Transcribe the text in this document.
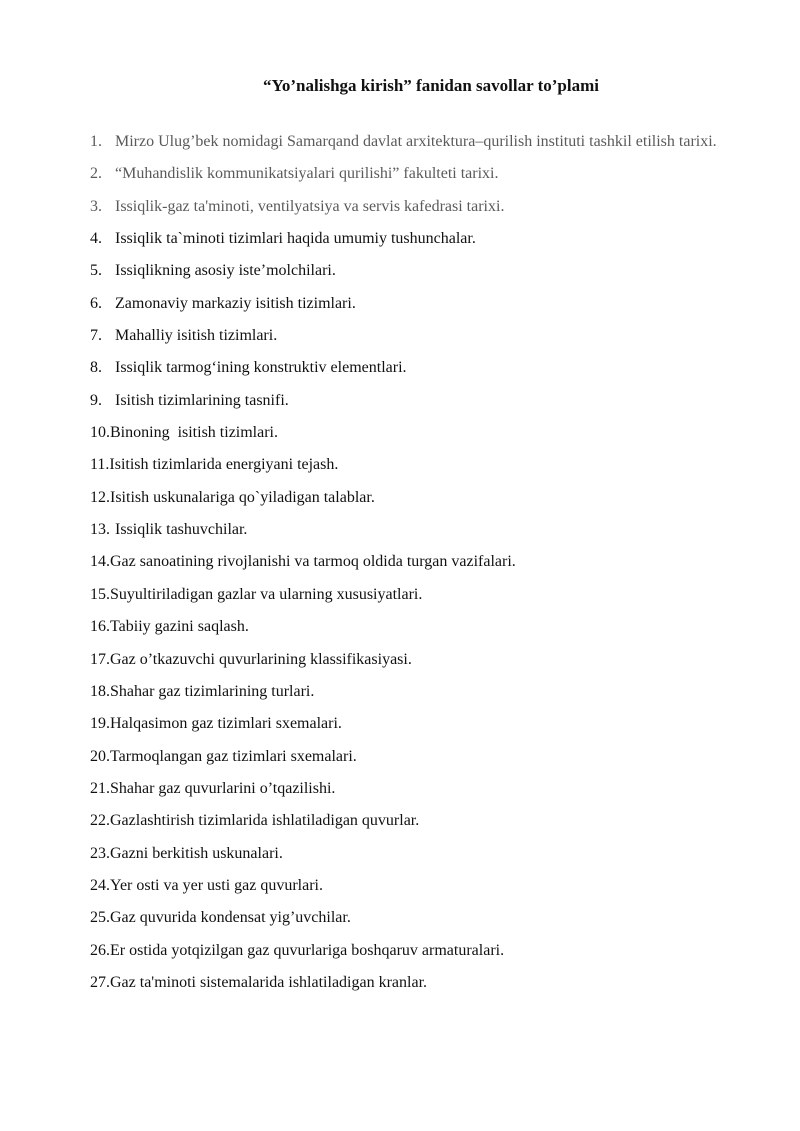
“Yo’nalishga kirish” fanidan savollar to’plami
1. Mirzo Ulug’bek nomidagi Samarqand davlat arxitektura–qurilish instituti tashkil etilish tarixi.
2. “Muhandislik kommunikatsiyalari qurilishi” fakulteti tarixi.
3. Issiqlik-gaz ta'minoti, ventilyatsiya va servis kafedrasi tarixi.
4. Issiqlik ta`minoti tizimlari haqida umumiy tushunchalar.
5. Issiqlikning asosiy iste’molchilari.
6. Zamonaviy markaziy isitish tizimlari.
7. Mahalliy isitish tizimlari.
8. Issiqlik tarmog‘ining konstruktiv elementlari.
9. Isitish tizimlarining tasnifi.
10. Binoning  isitish tizimlari.
11. Isitish tizimlarida energiyani tejash.
12. Isitish uskunalariga qo`yiladigan talablar.
13. Issiqlik tashuvchilar.
14. Gaz sanoatining rivojlanishi va tarmoq oldida turgan vazifalari.
15. Suyultiriladigan gazlar va ularning xususiyatlari.
16. Tabiiy gazini saqlash.
17. Gaz o’tkazuvchi quvurlarining klassifikasiyasi.
18. Shahar gaz tizimlarining turlari.
19. Halqasimon gaz tizimlari sxemalari.
20. Tarmoqlangan gaz tizimlari sxemalari.
21. Shahar gaz quvurlarini o’tqazilishi.
22. Gazlashtirish tizimlarida ishlatiladigan quvurlar.
23. Gazni berkitish uskunalari.
24. Yer osti va yer usti gaz quvurlari.
25. Gaz quvurida kondensat yig’uvchilar.
26. Er ostida yotqizilgan gaz quvurlariga boshqaruv armaturalari.
27. Gaz ta'minoti sistemalarida ishlatiladigan kranlar.
